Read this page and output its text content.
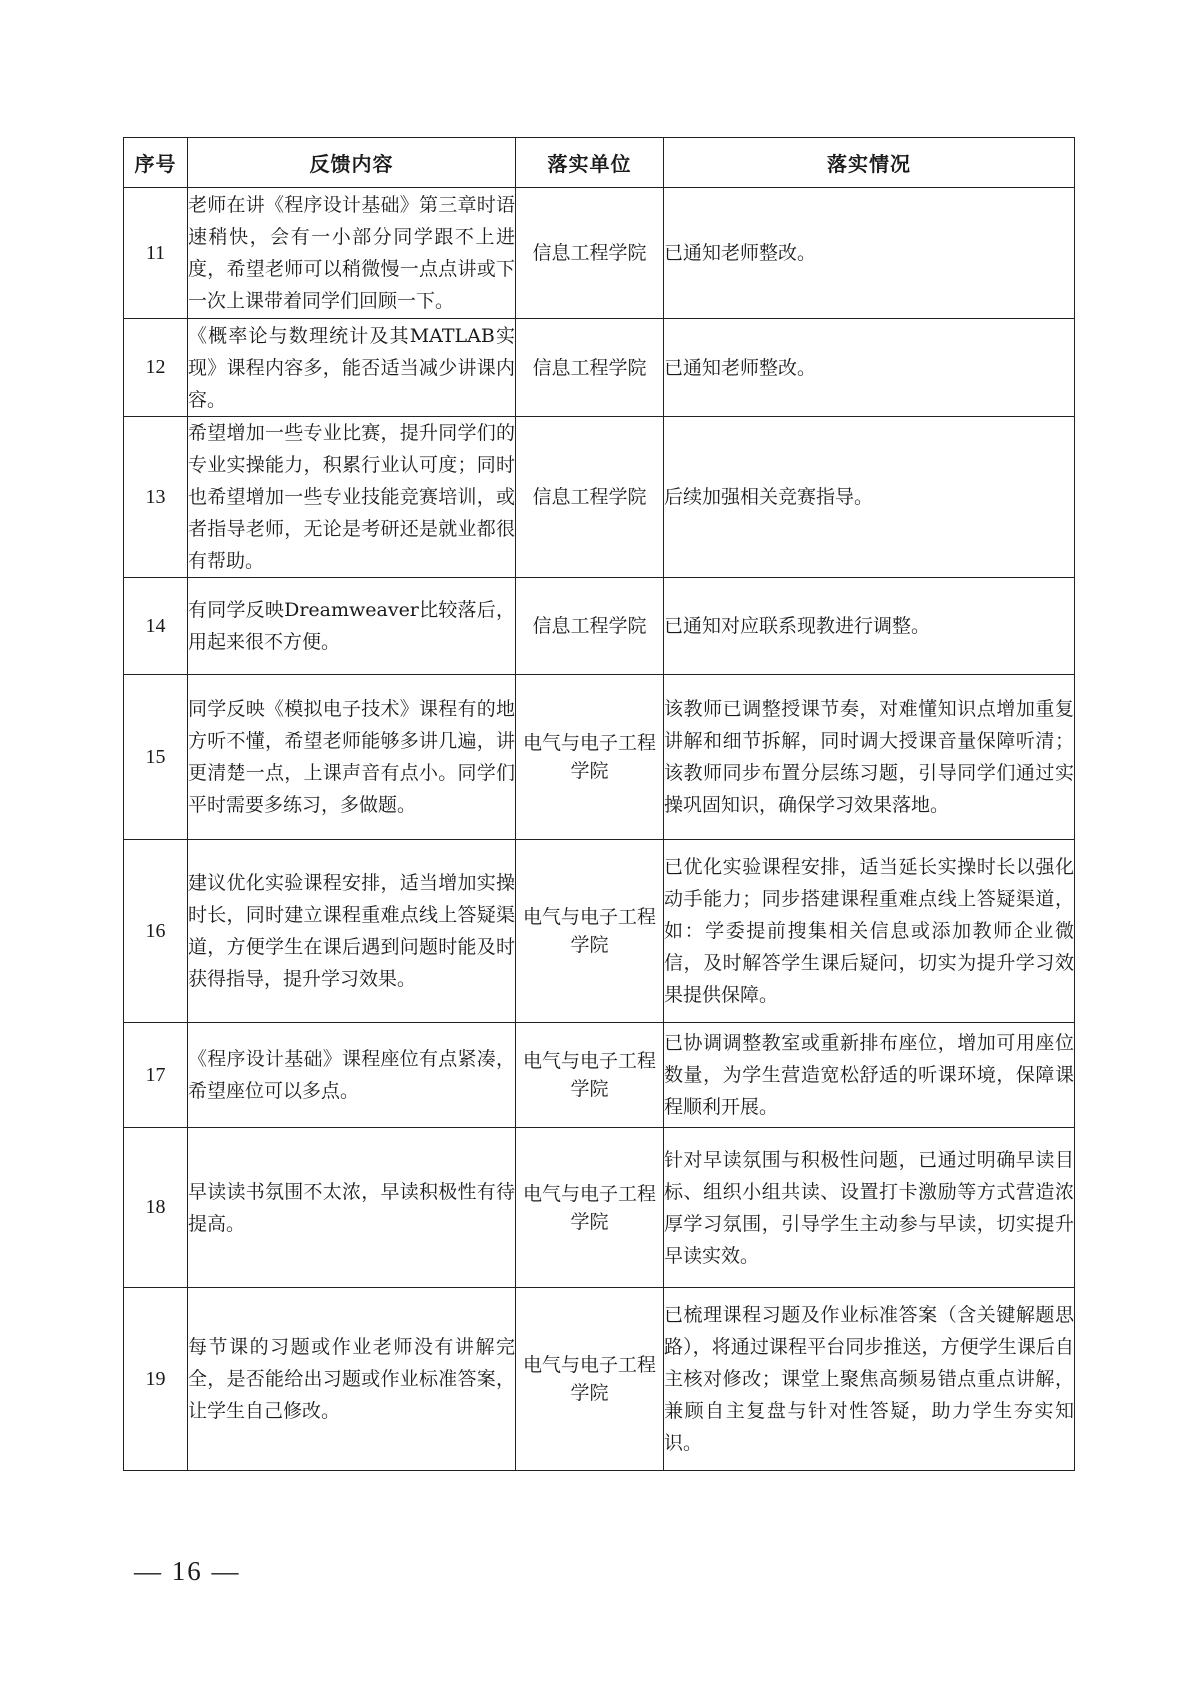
序号	反馈内容	落实单位	落实情况
11	老师在讲《程序设计基础》第三章时语速稍快，会有一小部分同学跟不上进度，希望老师可以稍微慢一点点讲或下一次上课带着同学们回顾一下。	信息工程学院	已通知老师整改。
12	《概率论与数理统计及其MATLAB实现》课程内容多，能否适当减少讲课内容。	信息工程学院	已通知老师整改。
13	希望增加一些专业比赛，提升同学们的专业实操能力，积累行业认可度；同时也希望增加一些专业技能竞赛培训，或者指导老师，无论是考研还是就业都很有帮助。	信息工程学院	后续加强相关竞赛指导。
14	有同学反映Dreamweaver比较落后，用起来很不方便。	信息工程学院	已通知对应联系现教进行调整。
15	同学反映《模拟电子技术》课程有的地方听不懂，希望老师能够多讲几遍，讲更清楚一点，上课声音有点小。同学们平时需要多练习，多做题。	电气与电子工程学院	该教师已调整授课节奏，对难懂知识点增加重复讲解和细节拆解，同时调大授课音量保障听清；该教师同步布置分层练习题，引导同学们通过实操巩固知识，确保学习效果落地。
16	建议优化实验课程安排，适当增加实操时长，同时建立课程重难点线上答疑渠道，方便学生在课后遇到问题时能及时获得指导，提升学习效果。	电气与电子工程学院	已优化实验课程安排，适当延长实操时长以强化动手能力；同步搭建课程重难点线上答疑渠道，如：学委提前搜集相关信息或添加教师企业微信，及时解答学生课后疑问，切实为提升学习效果提供保障。
17	《程序设计基础》课程座位有点紧凑，希望座位可以多点。	电气与电子工程学院	已协调调整教室或重新排布座位，增加可用座位数量，为学生营造宽松舒适的听课环境，保障课程顺利开展。
18	早读读书氛围不太浓，早读积极性有待提高。	电气与电子工程学院	针对早读氛围与积极性问题，已通过明确早读目标、组织小组共读、设置打卡激励等方式营造浓厚学习氛围，引导学生主动参与早读，切实提升早读实效。
19	每节课的习题或作业老师没有讲解完全，是否能给出习题或作业标准答案，让学生自己修改。	电气与电子工程学院	已梳理课程习题及作业标准答案（含关键解题思路），将通过课程平台同步推送，方便学生课后自主核对修改；课堂上聚焦高频易错点重点讲解，兼顾自主复盘与针对性答疑，助力学生夯实知识。
— 16 —
